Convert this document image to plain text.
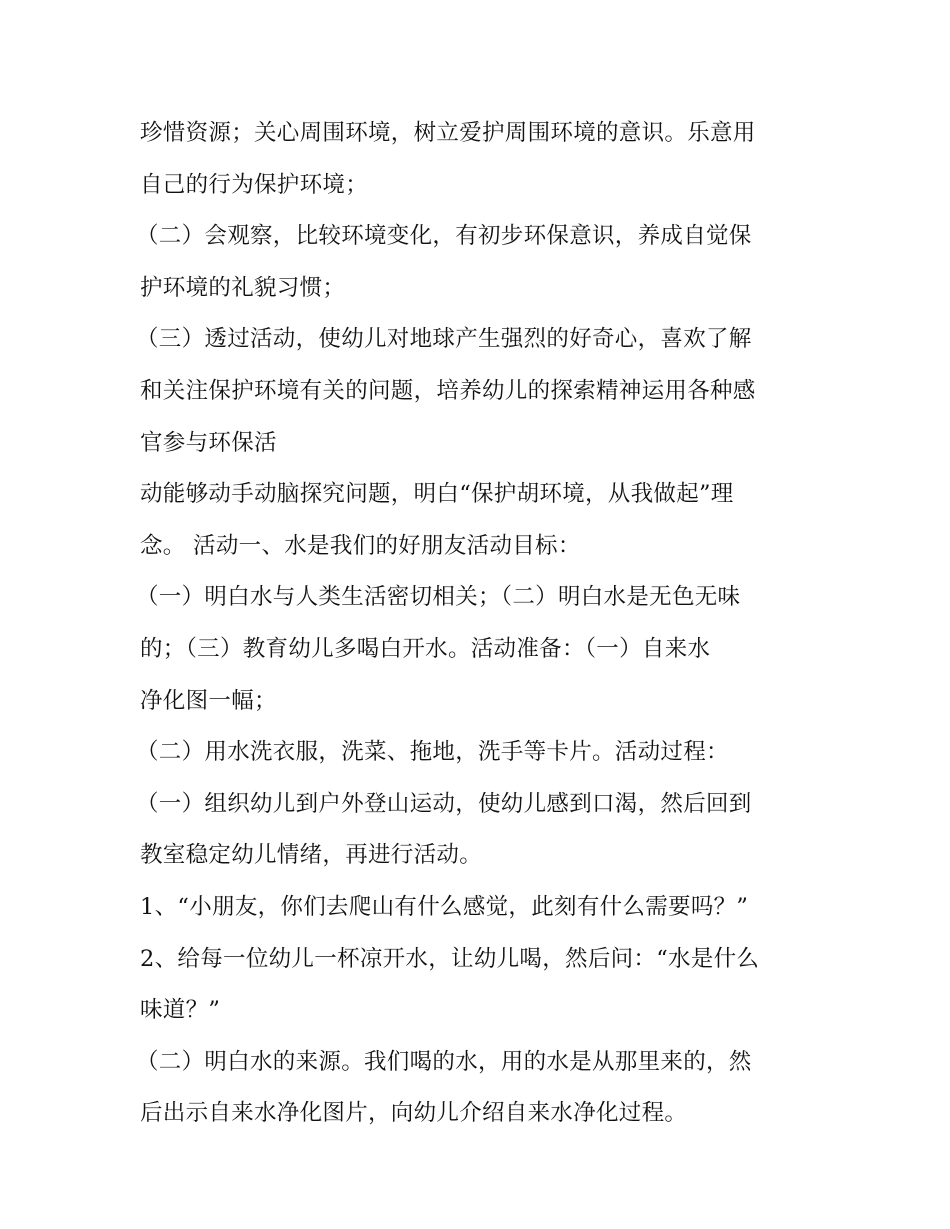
珍惜资源；关心周围环境，树立爱护周围环境的意识。乐意用
自己的行为保护环境；
（二）会观察，比较环境变化，有初步环保意识，养成自觉保
护环境的礼貌习惯；
（三）透过活动，使幼儿对地球产生强烈的好奇心，喜欢了解
和关注保护环境有关的问题，培养幼儿的探索精神运用各种感
官参与环保活
动能够动手动脑探究问题，明白“保护胡环境，从我做起”理
念。 活动一、水是我们的好朋友活动目标：
（一）明白水与人类生活密切相关；（二）明白水是无色无味
的；（三）教育幼儿多喝白开水。活动准备：（一）自来水
净化图一幅；
（二）用水洗衣服，洗菜、拖地，洗手等卡片。活动过程：
（一）组织幼儿到户外登山运动，使幼儿感到口渴，然后回到
教室稳定幼儿情绪，再进行活动。
1、“小朋友，你们去爬山有什么感觉，此刻有什么需要吗？”
2、给每一位幼儿一杯凉开水，让幼儿喝，然后问：“水是什么
味道？”
（二）明白水的来源。我们喝的水，用的水是从那里来的，然
后出示自来水净化图片，向幼儿介绍自来水净化过程。
